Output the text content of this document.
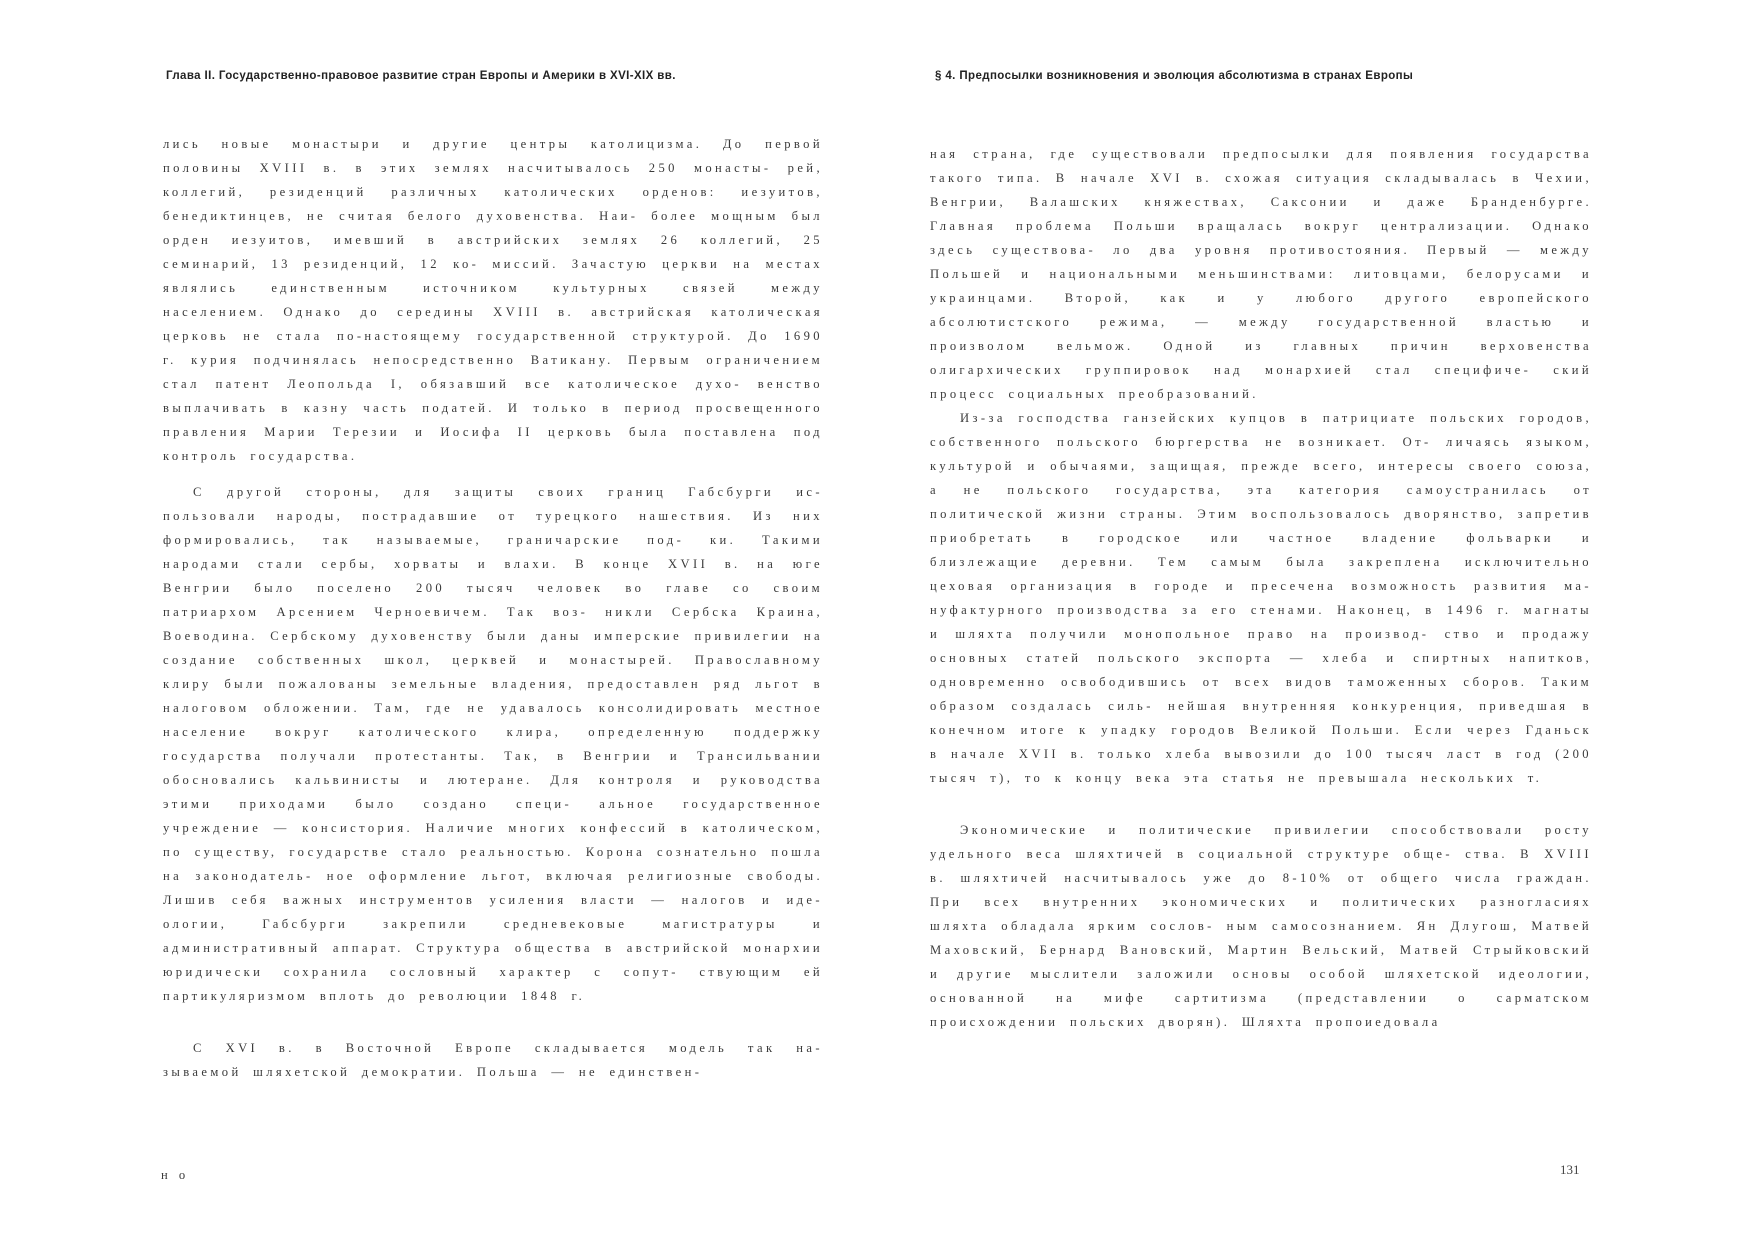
Глава II. Государственно-правовое развитие стран Европы и Америки в XVI-XIX вв.	§ 4. Предпосылки возникновения и эволюция абсолютизма в странах Европы

лись новые монастыри и другие центры католицизма. До первой половины XVIII в. в этих землях насчитывалось 250 монасты- рей, коллегий, резиденций различных католических орденов: иезуитов, бенедиктинцев, не считая белого духовенства. Наи- более мощным был орден иезуитов, имевший в австрийских землях 26 коллегий, 25 семинарий, 13 резиденций, 12 ко- миссий. Зачастую церкви на местах являлись единственным источником культурных связей между населением. Однако до середины XVIII в. австрийская католическая церковь не стала по-настоящему государственной структурой. До 1690 г. курия подчинялась непосредственно Ватикану. Первым ограничением стал патент Леопольда I, обязавший все католическое духо- венство выплачивать в казну часть податей. И только в период просвещенного правления Марии Терезии и Иосифа II церковь была поставлена под контроль государства.

С другой стороны, для защиты своих границ Габсбурги ис- пользовали народы, пострадавшие от турецкого нашествия. Из них формировались, так называемые, граничарские под- ки. Такими народами стали сербы, хорваты и влахи. В конце XVII в. на юге Венгрии было поселено 200 тысяч человек во главе со своим патриархом Арсением Черноевичем. Так воз- никли Сербска Краина, Воеводина. Сербскому духовенству были даны имперские привилегии на создание собственных школ, церквей и монастырей. Православному клиру были пожалованы земельные владения, предоставлен ряд льгот в налоговом обложении. Там, где не удавалось консолидировать местное население вокруг католического клира, определенную поддержку государства получали протестанты. Так, в Венгрии и Трансильвании обосновались кальвинисты и лютеране. Для контроля и руководства этими приходами было создано специ- альное государственное учреждение — консистория. Наличие многих конфессий в католическом, по существу, государстве стало реальностью. Корона сознательно пошла на законодатель- ное оформление льгот, включая религиозные свободы. Лишив себя важных инструментов усиления власти — налогов и иде- ологии, Габсбурги закрепили средневековые магистратуры и административный аппарат. Структура общества в австрийской монархии юридически сохранила сословный характер с сопут- ствующим ей партикуляризмом вплоть до революции 1848 г.

С XVI в. в Восточной Европе складывается модель так на- зываемой шляхетской демократии. Польша — не единствен-

н о

ная страна, где существовали предпосылки для появления государства такого типа. В начале XVI в. схожая ситуация складывалась в Чехии, Венгрии, Валашских княжествах, Саксонии и даже Бранденбурге. Главная проблема Польши вращалась вокруг централизации. Однако здесь существова- ло два уровня противостояния. Первый — между Польшей и национальными меньшинствами: литовцами, белорусами и украинцами. Второй, как и у любого другого европейского абсолютистского режима, — между государственной властью и произволом вельмож. Одной из главных причин верховенства олигархических группировок над монархией стал специфиче- ский процесс социальных преобразований.

Из-за господства ганзейских купцов в патрициате польских городов, собственного польского бюргерства не возникает. От- личаясь языком, культурой и обычаями, защищая, прежде всего, интересы своего союза, а не польского государства, эта категория самоустранилась от политической жизни страны. Этим воспользовалось дворянство, запретив приобретать в городское или частное владение фольварки и близлежащие деревни. Тем самым была закреплена исключительно цеховая организация в городе и пресечена возможность развития ма- нуфактурного производства за его стенами. Наконец, в 1496 г. магнаты и шляхта получили монопольное право на производ- ство и продажу основных статей польского экспорта — хлеба и спиртных напитков, одновременно освободившись от всех видов таможенных сборов. Таким образом создалась силь- нейшая внутренняя конкуренция, приведшая в конечном итоге к упадку городов Великой Польши. Если через Гданьск в начале XVII в. только хлеба вывозили до 100 тысяч ласт в год (200 тысяч т), то к концу века эта статья не превышала нескольких т.

Экономические и политические привилегии способствовали росту удельного веса шляхтичей в социальной структуре обще- ства. В XVIII в. шляхтичей насчитывалось уже до 8-10% от общего числа граждан. При всех внутренних экономических и политических разногласиях шляхта обладала ярким сослов- ным самосознанием. Ян Длугош, Матвей Маховский, Бернард Вановский, Мартин Вельский, Матвей Стрыйковский и другие мыслители заложили основы особой шляхетской идеологии, основанной на мифе сартитизма (представлении о сарматском происхождении польских дворян). Шляхта пропоиедовала

131
